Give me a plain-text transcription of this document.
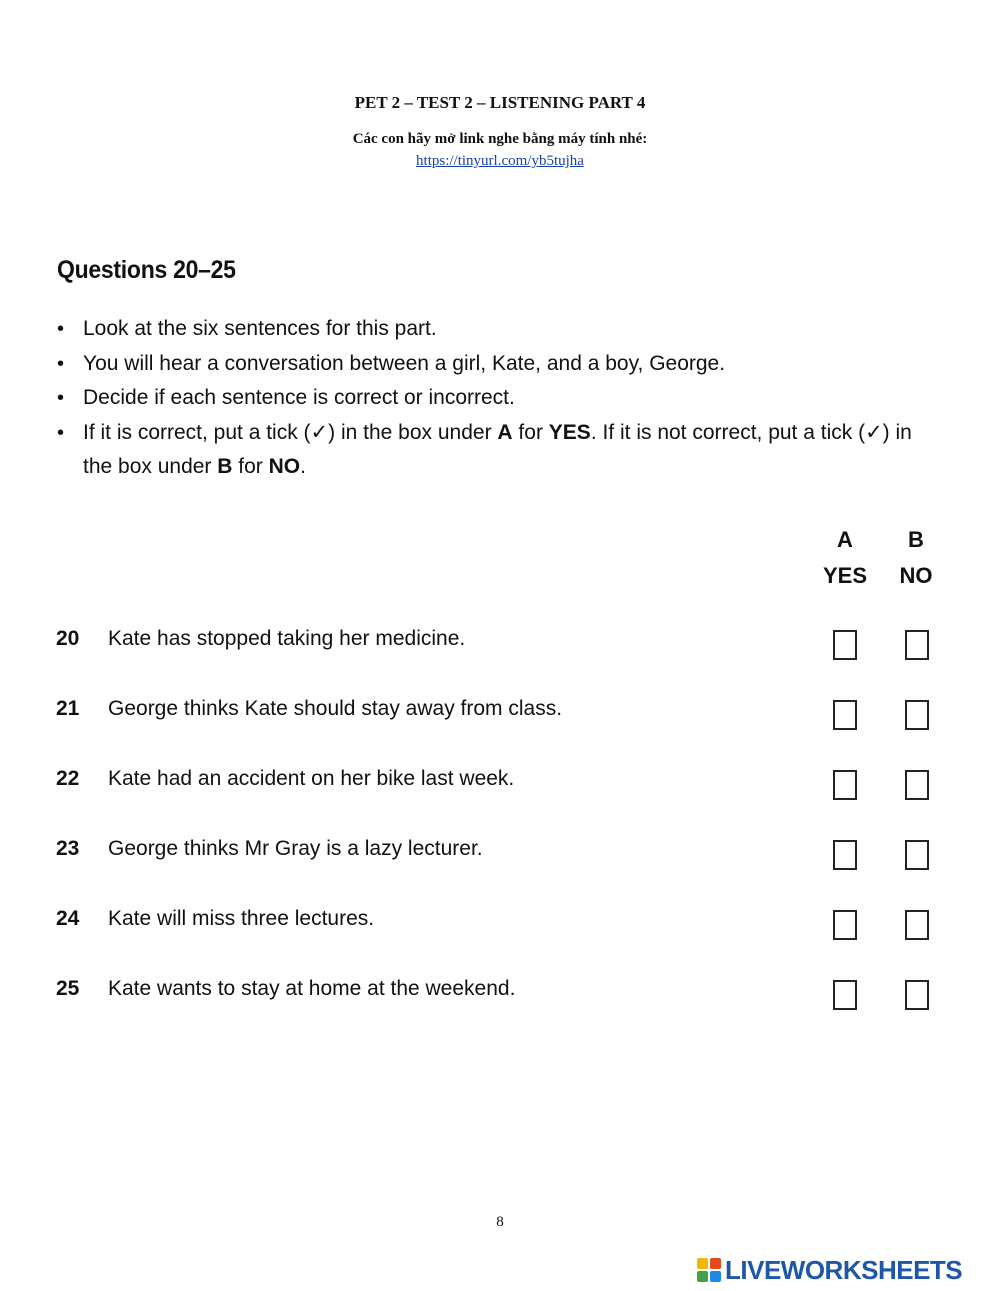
PET 2 – TEST 2 – LISTENING PART 4
Các con hãy mở link nghe bằng máy tính nhé:
https://tinyurl.com/yb5tujha
Questions 20–25
• Look at the six sentences for this part.
• You will hear a conversation between a girl, Kate, and a boy, George.
• Decide if each sentence is correct or incorrect.
• If it is correct, put a tick (✓) in the box under A for YES. If it is not correct, put a tick (✓) in the box under B for NO.
A
YES
B
NO
20 Kate has stopped taking her medicine.
21 George thinks Kate should stay away from class.
22 Kate had an accident on her bike last week.
23 George thinks Mr Gray is a lazy lecturer.
24 Kate will miss three lectures.
25 Kate wants to stay at home at the weekend.
8
LIVEWORKSHEETS
